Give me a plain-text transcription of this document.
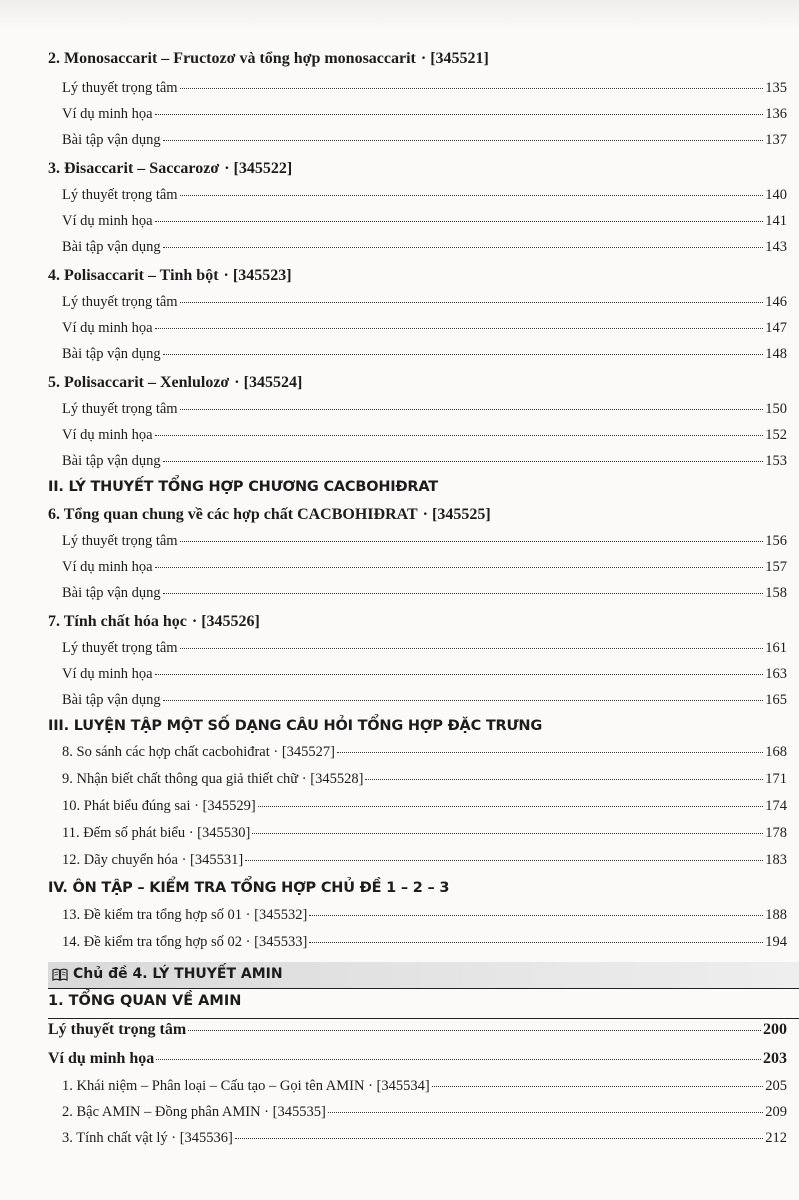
2. Monosaccarit – Fructozơ và tổng hợp monosaccarit · [345521]
Lý thuyết trọng tâm	135
Ví dụ minh họa	136
Bài tập vận dụng	137
3. Đisaccarit – Saccarozơ · [345522]
Lý thuyết trọng tâm	140
Ví dụ minh họa	141
Bài tập vận dụng	143
4. Polisaccarit – Tinh bột · [345523]
Lý thuyết trọng tâm	146
Ví dụ minh họa	147
Bài tập vận dụng	148
5. Polisaccarit – Xenlulozơ · [345524]
Lý thuyết trọng tâm	150
Ví dụ minh họa	152
Bài tập vận dụng	153
II. LÝ THUYẾT TỔNG HỢP CHƯƠNG CACBOHIĐRAT
6. Tổng quan chung về các hợp chất CACBOHIĐRAT · [345525]
Lý thuyết trọng tâm	156
Ví dụ minh họa	157
Bài tập vận dụng	158
7. Tính chất hóa học · [345526]
Lý thuyết trọng tâm	161
Ví dụ minh họa	163
Bài tập vận dụng	165
III. LUYỆN TẬP MỘT SỐ DẠNG CÂU HỎI TỔNG HỢP ĐẶC TRƯNG
8. So sánh các hợp chất cacbohiđrat · [345527]	168
9. Nhận biết chất thông qua giả thiết chữ · [345528]	171
10. Phát biểu đúng sai · [345529]	174
11. Đếm số phát biểu · [345530]	178
12. Dãy chuyển hóa · [345531]	183
IV. ÔN TẬP – KIỂM TRA TỔNG HỢP CHỦ ĐỀ 1 – 2 – 3
13. Đề kiểm tra tổng hợp số 01 · [345532]	188
14. Đề kiểm tra tổng hợp số 02 · [345533]	194
Lý thuyết trọng tâm	200
Ví dụ minh họa	203
1. Khái niệm – Phân loại – Cấu tạo – Gọi tên AMIN · [345534]	205
2. Bậc AMIN – Đồng phân AMIN · [345535]	209
3. Tính chất vật lý · [345536]	212
Chủ đề 4. LÝ THUYẾT AMIN
1. TỔNG QUAN VỀ AMIN
